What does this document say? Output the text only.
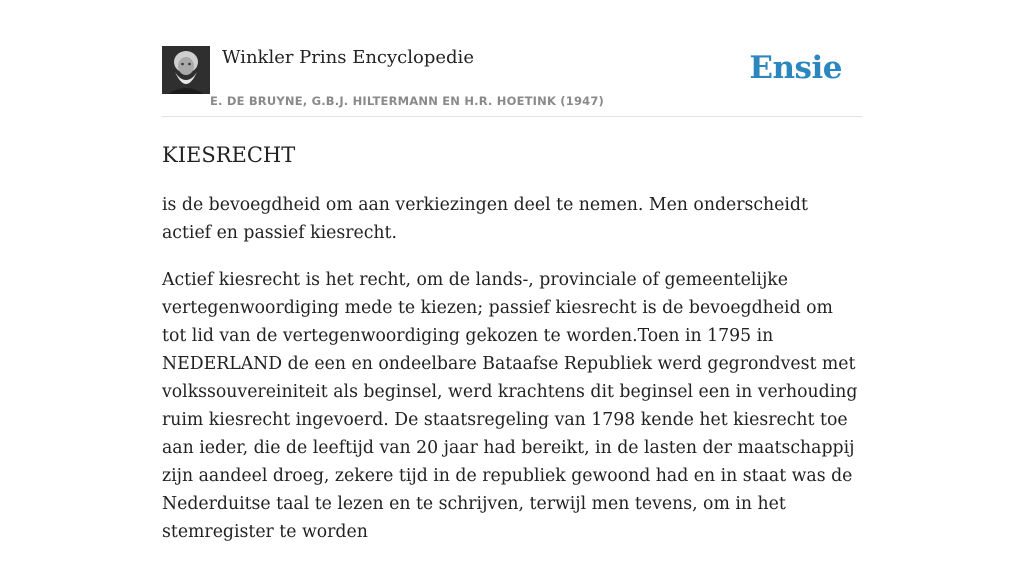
Winkler Prins Encyclopedie
E. DE BRUYNE, G.B.J. HILTERMANN EN H.R. HOETINK (1947)
Ensie
KIESRECHT

is de bevoegdheid om aan verkiezingen deel te nemen. Men onderscheidt actief en passief kiesrecht.

Actief kiesrecht is het recht, om de lands-, provinciale of gemeentelijke vertegenwoordiging mede te kiezen; passief kiesrecht is de bevoegdheid om tot lid van de vertegenwoordiging gekozen te worden.Toen in 1795 in NEDERLAND de een en ondeelbare Bataafse Republiek werd gegrondvest met volkssouvereiniteit als beginsel, werd krachtens dit beginsel een in verhouding ruim kiesrecht ingevoerd. De staatsregeling van 1798 kende het kiesrecht toe aan ieder, die de leeftijd van 20 jaar had bereikt, in de lasten der maatschappij zijn aandeel droeg, zekere tijd in de republiek gewoond had en in staat was de Nederduitse taal te lezen en te schrijven, terwijl men tevens, om in het stemregister te worden
